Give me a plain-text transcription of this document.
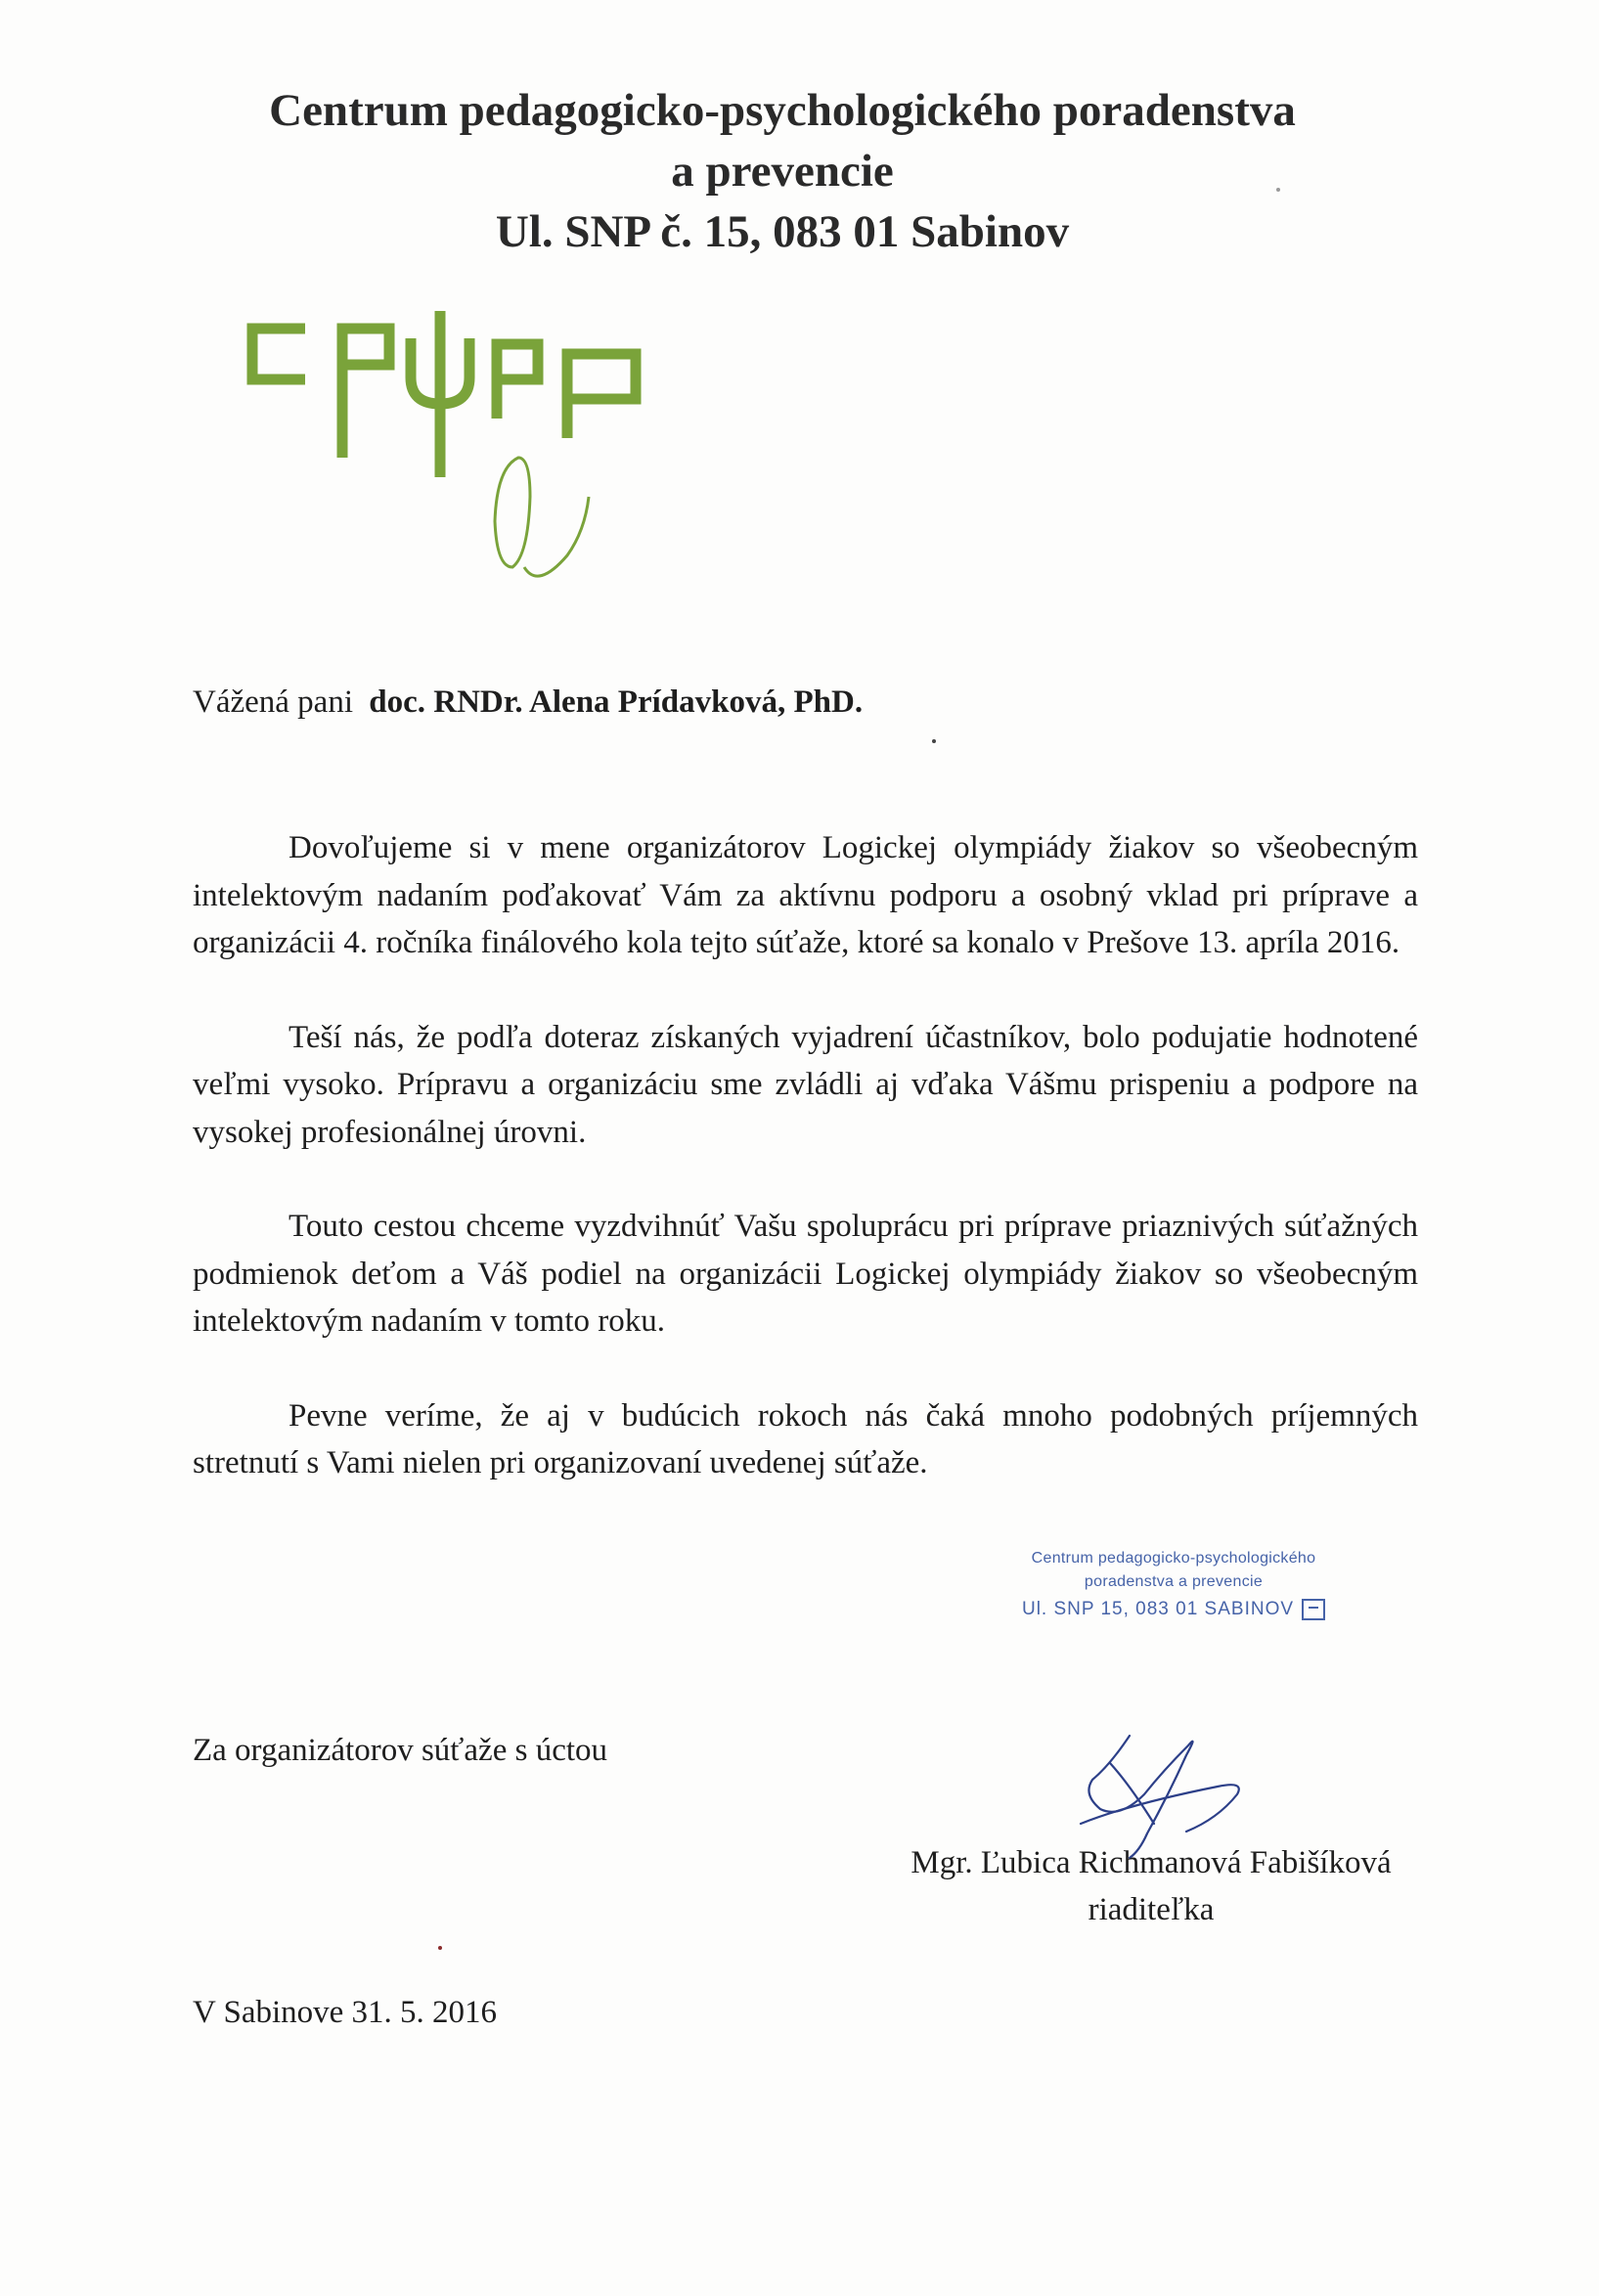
Centrum pedagogicko-psychologického poradenstva
a prevencie
Ul. SNP č. 15, 083 01 Sabinov
Vážená pani doc. RNDr. Alena Prídavková, PhD.

Dovoľujeme si v mene organizátorov Logickej olympiády žiakov so všeobecným intelektovým nadaním poďakovať Vám za aktívnu podporu a osobný vklad pri príprave a organizácii 4. ročníka finálového kola tejto súťaže, ktoré sa konalo v Prešove 13. apríla 2016.

Teší nás, že podľa doteraz získaných vyjadrení účastníkov, bolo podujatie hodnotené veľmi vysoko. Prípravu a organizáciu sme zvládli aj vďaka Vášmu prispeniu a podpore na vysokej profesionálnej úrovni.

Touto cestou chceme vyzdvihnúť Vašu spoluprácu pri príprave priaznivých súťažných podmienok deťom a Váš podiel na organizácii Logickej olympiády žiakov so všeobecným intelektovým nadaním v tomto roku.

Pevne veríme, že aj v budúcich rokoch nás čaká mnoho podobných príjemných stretnutí s Vami nielen pri organizovaní uvedenej súťaže.

Centrum pedagogicko-psychologického
poradenstva a prevencie
Ul. SNP 15, 083 01 SABINOV
Za organizátorov súťaže s úctou
Mgr. Ľubica Richmanová Fabišíková
riaditeľka
V Sabinove 31. 5. 2016
